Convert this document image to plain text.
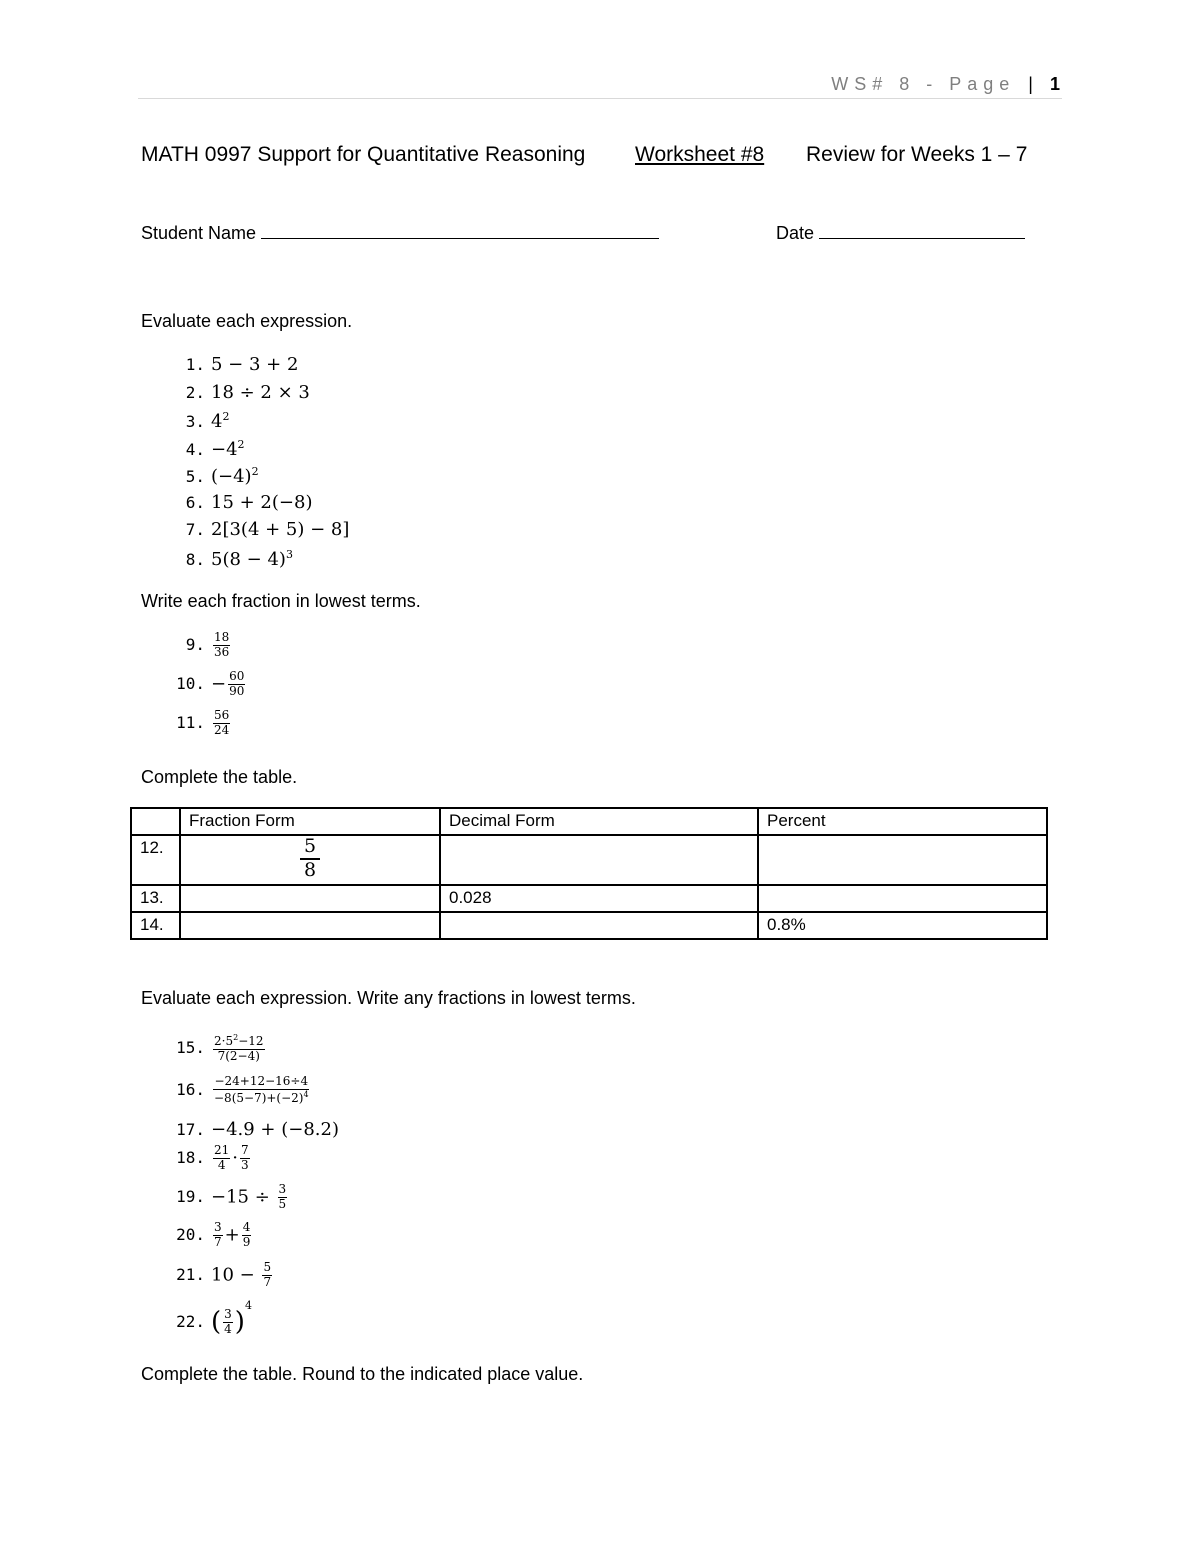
WS# 8 - Page | 1
MATH 0997 Support for Quantitative Reasoning Worksheet #8 Review for Weeks 1 – 7
Student Name	Date
Evaluate each expression.
1. 5 − 3 + 2
2. 18 ÷ 2 × 3
3. $4^2$
4. $-4^2$
5. $(-4)^2$
6. 15 + 2(−8)
7. 2[3(4 + 5) − 8]
8. $5(8 - 4)^3$
Write each fraction in lowest terms.
9. $\frac{18}{36}$
10. − $\frac{60}{90}$
11. $\frac{56}{24}$
Complete the table.
	Fraction Form	Decimal Form	Percent
12.	$\frac{5}{8}$

13.		0.028	
14.			0.8%
Evaluate each expression. Write any fractions in lowest terms.
15. $\frac{2\cdot 5^2-12}{7(2-4)}$
16. $\frac{-24+12-16\div 4}{-8(5-7)+(-2)^4}$
17. −4.9 + (−8.2)
18. $\frac{21}{4} \cdot \frac{7}{3}$
19. $-15 \div \frac{3}{5}$
20. $\frac{3}{7} + \frac{4}{9}$
21. $10 - \frac{5}{7}$
22. ( $\frac{3}{4} )^4$
Complete the table. Round to the indicated place value.
